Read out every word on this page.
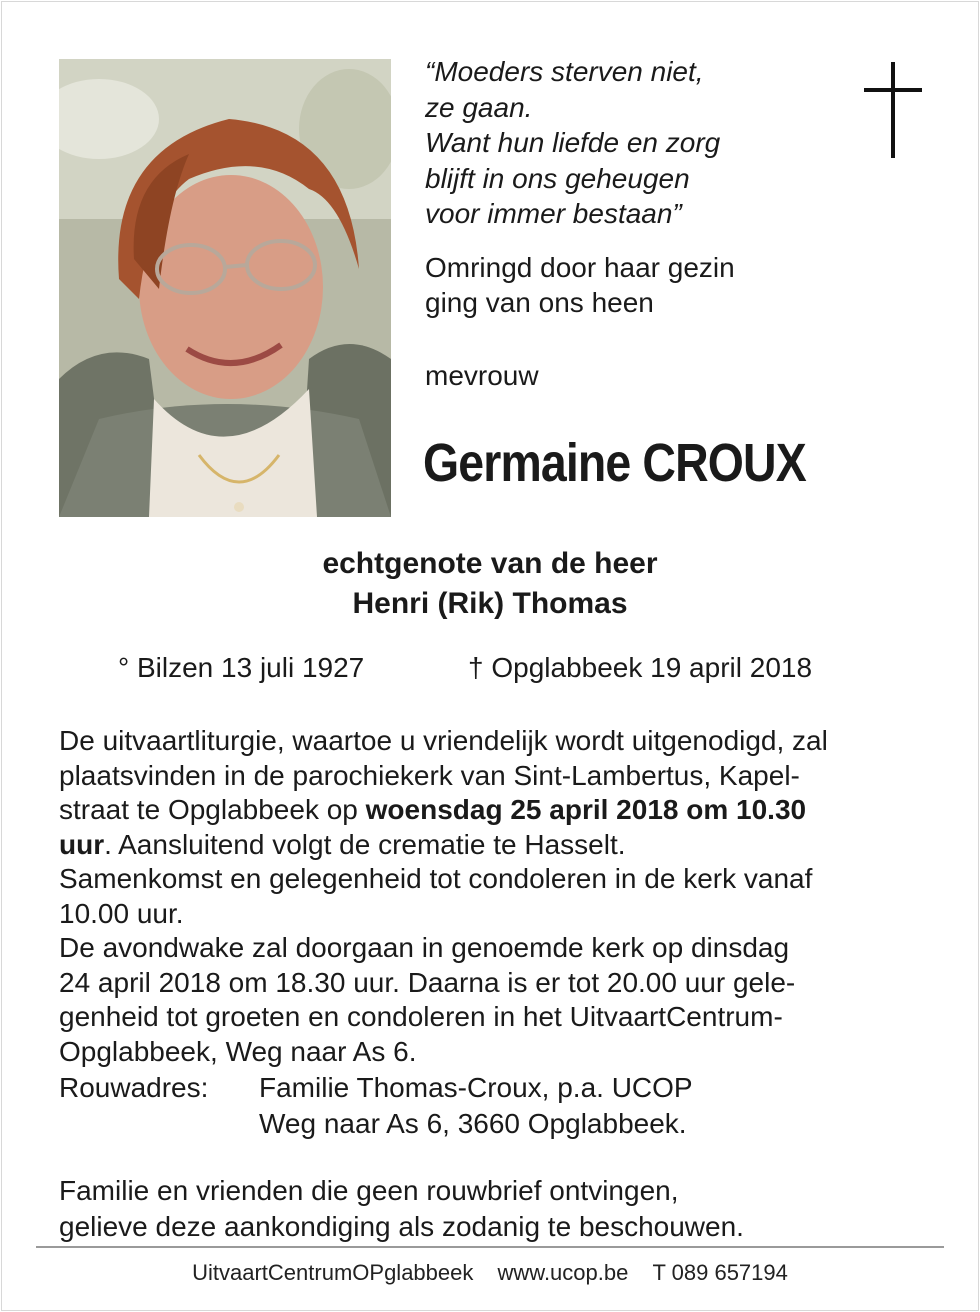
“Moeders sterven niet,
ze gaan.
Want hun liefde en zorg
blijft in ons geheugen
voor immer bestaan”
Omringd door haar gezin
ging van ons heen
mevrouw
Germaine CROUX
echtgenote van de heer
Henri (Rik) Thomas
° Bilzen 13 juli 1927	† Opglabbeek 19 april 2018
De uitvaartliturgie, waartoe u vriendelijk wordt uitgenodigd, zal
plaatsvinden in de parochiekerk van Sint-Lambertus, Kapel-
straat te Opglabbeek op woensdag 25 april 2018 om 10.30
uur. Aansluitend volgt de crematie te Hasselt.
Samenkomst en gelegenheid tot condoleren in de kerk vanaf
10.00 uur.
De avondwake zal doorgaan in genoemde kerk op dinsdag
24 april 2018 om 18.30 uur. Daarna is er tot 20.00 uur gele-
genheid tot groeten en condoleren in het UitvaartCentrum-
Opglabbeek, Weg naar As 6.
Rouwadres: Familie Thomas-Croux, p.a. UCOP
Weg naar As 6, 3660 Opglabbeek.
Familie en vrienden die geen rouwbrief ontvingen,
gelieve deze aankondiging als zodanig te beschouwen.
UitvaartCentrumOPglabbeek www.ucop.be T 089 657194
